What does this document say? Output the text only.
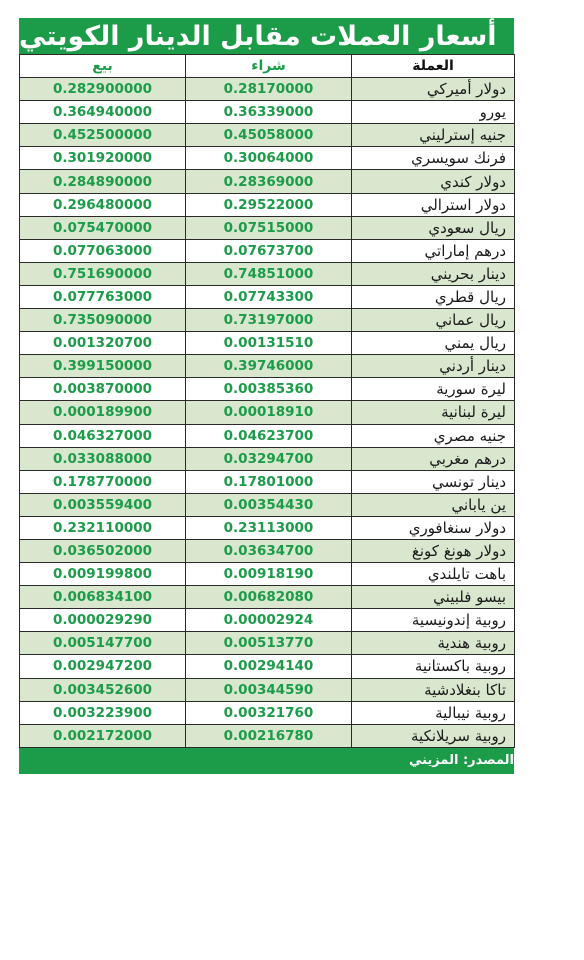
أسعار العملات مقابل الدينار الكويتي
بيع	شراء	العملة
0.282900000	0.28170000	دولار أميركي
0.364940000	0.36339000	يورو
0.452500000	0.45058000	جنيه إسترليني
0.301920000	0.30064000	فرنك سويسري
0.284890000	0.28369000	دولار كندي
0.296480000	0.29522000	دولار استرالي
0.075470000	0.07515000	ريال سعودي
0.077063000	0.07673700	درهم إماراتي
0.751690000	0.74851000	دينار بحريني
0.077763000	0.07743300	ريال قطري
0.735090000	0.73197000	ريال عماني
0.001320700	0.00131510	ريال يمني
0.399150000	0.39746000	دينار أردني
0.003870000	0.00385360	ليرة سورية
0.000189900	0.00018910	ليرة لبنانية
0.046327000	0.04623700	جنيه مصري
0.033088000	0.03294700	درهم مغربي
0.178770000	0.17801000	دينار تونسي
0.003559400	0.00354430	ين ياباني
0.232110000	0.23113000	دولار سنغافوري
0.036502000	0.03634700	دولار هونغ كونغ
0.009199800	0.00918190	باهت تايلندي
0.006834100	0.00682080	بيسو فلبيني
0.000029290	0.00002924	روبية إندونيسية
0.005147700	0.00513770	روبية هندية
0.002947200	0.00294140	روبية باكستانية
0.003452600	0.00344590	تاكا بنغلادشية
0.003223900	0.00321760	روبية نيبالية
0.002172000	0.00216780	روبية سريلانكية
المصدر: المزيني
